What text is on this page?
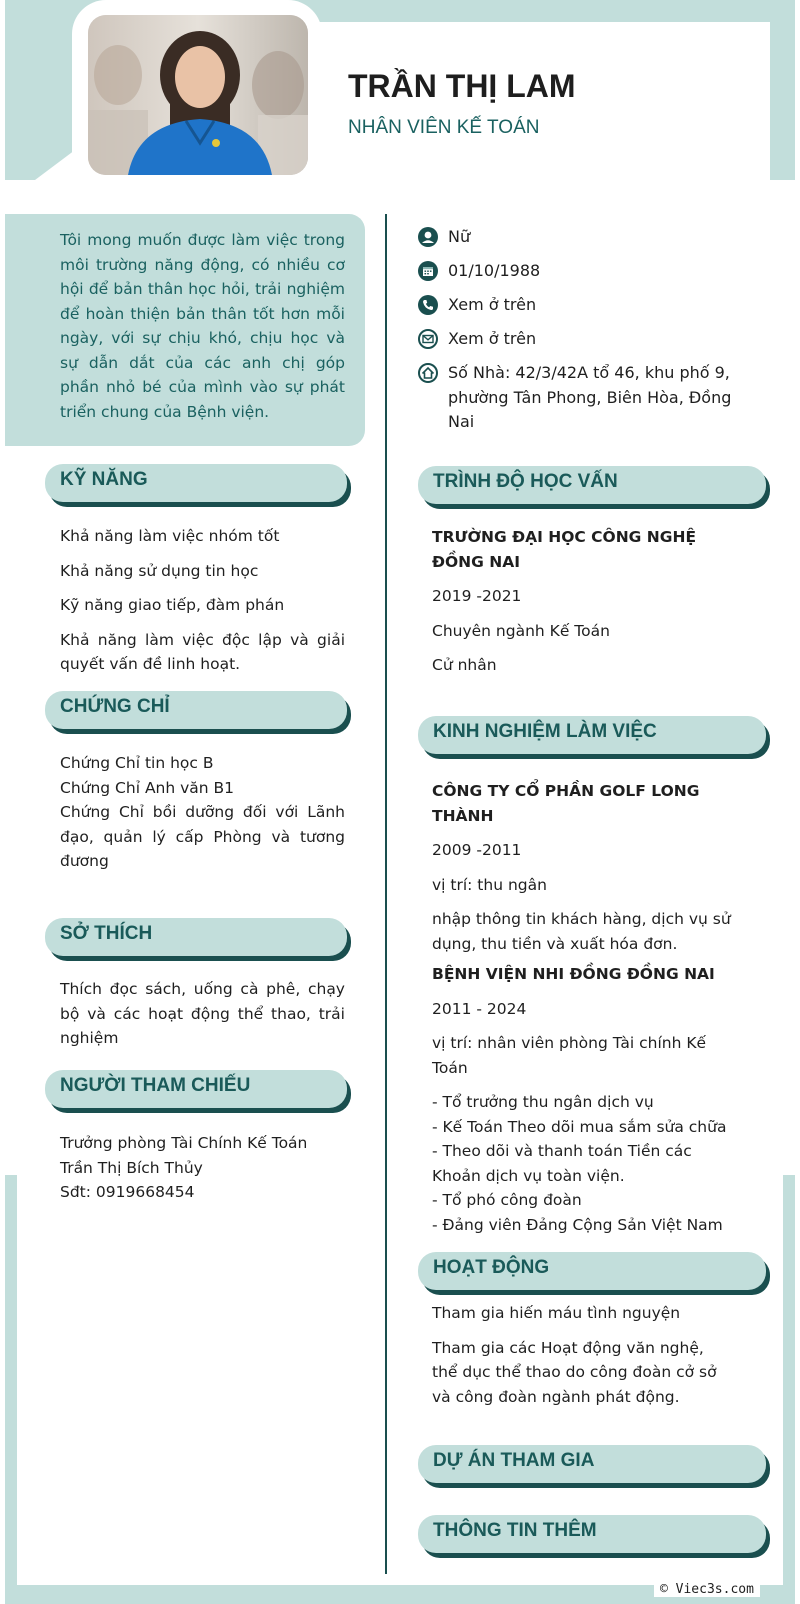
TRẦN THỊ LAM
NHÂN VIÊN KẾ TOÁN

Tôi mong muốn được làm việc trong môi trường năng động, có nhiều cơ hội để bản thân học hỏi, trải nghiệm để hoàn thiện bản thân tốt hơn mỗi ngày, với sự chịu khó, chịu học và sự dẫn dắt của các anh chị góp phần nhỏ bé của mình vào sự phát triển chung của Bệnh viện.

Nữ
01/10/1988
Xem ở trên
Xem ở trên
Số Nhà: 42/3/42A tổ 46, khu phố 9, phường Tân Phong, Biên Hòa, Đồng Nai
KỸ NĂNG
Khả năng làm việc nhóm tốt
Khả năng sử dụng tin học
Kỹ năng giao tiếp, đàm phán
Khả năng làm việc độc lập và giải quyết vấn đề linh hoạt.
CHỨNG CHỈ
Chứng Chỉ tin học B
Chứng Chỉ Anh văn B1
Chứng Chỉ bồi dưỡng đối với Lãnh đạo, quản lý cấp Phòng và tương đương
SỞ THÍCH
Thích đọc sách, uống cà phê, chạy bộ và các hoạt động thể thao, trải nghiệm
NGƯỜI THAM CHIẾU
Trưởng phòng Tài Chính Kế Toán
Trần Thị Bích Thủy
Sđt: 0919668454
TRÌNH ĐỘ HỌC VẤN
TRƯỜNG ĐẠI HỌC CÔNG NGHỆ ĐỒNG NAI
2019 -2021
Chuyên ngành Kế Toán
Cử nhân
KINH NGHIỆM LÀM VIỆC
CÔNG TY CỔ PHẦN GOLF LONG THÀNH
2009 -2011
vị trí: thu ngân
nhập thông tin khách hàng, dịch vụ sử dụng, thu tiền và xuất hóa đơn.
BỆNH VIỆN NHI ĐỒNG ĐỒNG NAI
2011 - 2024
vị trí: nhân viên phòng Tài chính Kế Toán
- Tổ trưởng thu ngân dịch vụ
- Kế Toán Theo dõi mua sắm sửa chữa
- Theo dõi và thanh toán Tiền các Khoản dịch vụ toàn viện.
- Tổ phó công đoàn
- Đảng viên Đảng Cộng Sản Việt Nam
HOẠT ĐỘNG
Tham gia hiến máu tình nguyện
Tham gia các Hoạt động văn nghệ, thể dục thể thao do công đoàn cở sở và công đoàn ngành phát động.
DỰ ÁN THAM GIA
THÔNG TIN THÊM
© Viec3s.com
